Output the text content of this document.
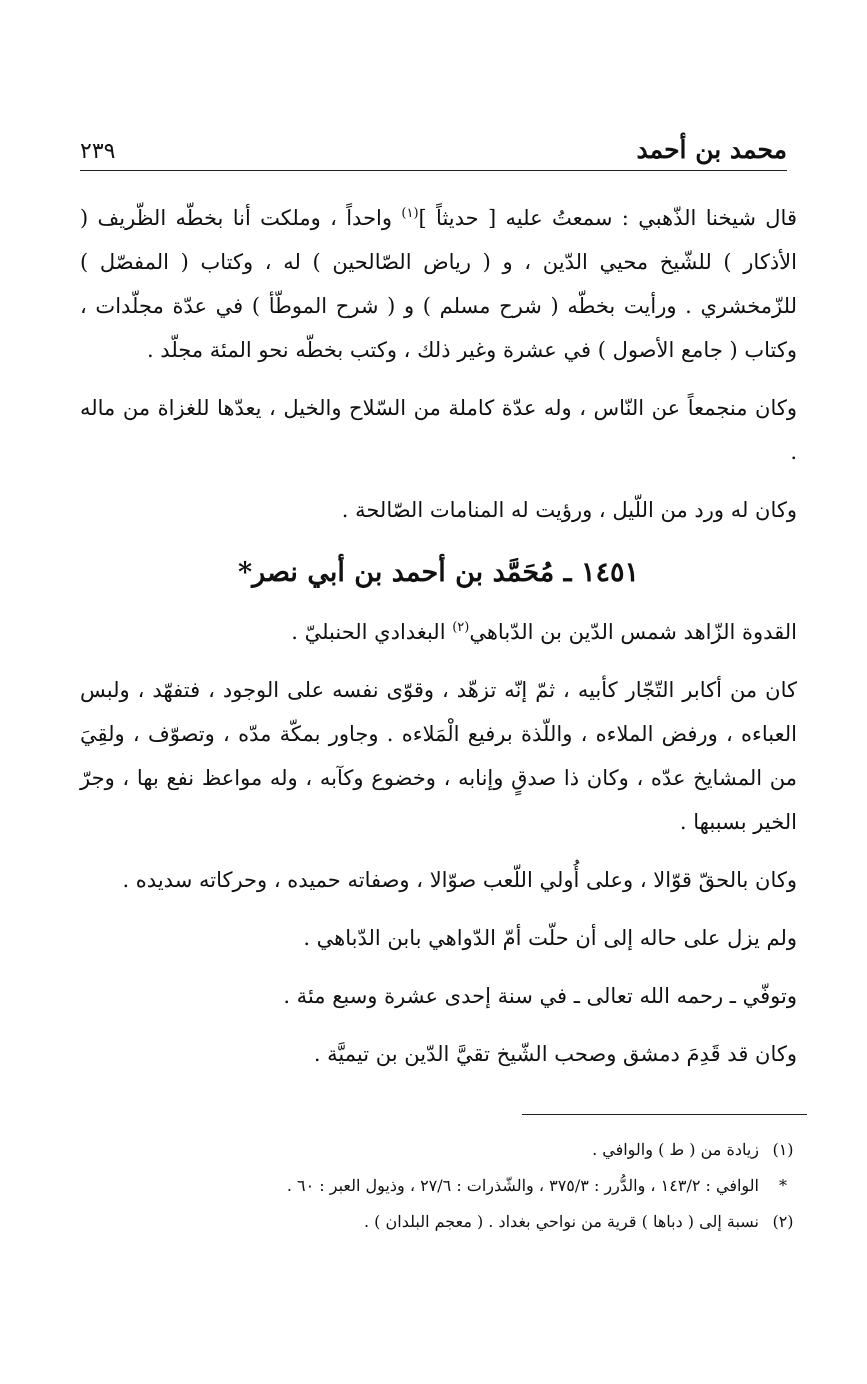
محمد بن أحمد
٢٣٩

قال شيخنا الذّهبي : سمعتُ عليه [ حديثاً ]$^{(١)}$ واحداً ، وملكت أنا بخطّه الظّريف ( الأذكار ) للشّيخ محيي الدّين ، و ( رياض الصّالحين ) له ، وكتاب ( المفصّل ) للزّمخشري . ورأيت بخطّه ( شرح مسلم ) و ( شرح الموطّأ ) في عدّة مجلّدات ، وكتاب ( جامع الأصول ) في عشرة وغير ذلك ، وكتب بخطّه نحو المئة مجلّد .

وكان منجمعاً عن النّاس ، وله عدّة كاملة من السّلاح والخيل ، يعدّها للغزاة من ماله .

وكان له ورد من اللّيل ، ورؤيت له المنامات الصّالحة .

١٤٥١ ـ مُحَمَّد بن أحمد بن أبي نصر*

القدوة الزّاهد شمس الدّين بن الدّباهي$^{(٢)}$ البغدادي الحنبليّ .

كان من أكابر التّجّار كأبيه ، ثمّ إنّه تزهّد ، وقوّى نفسه على الوجود ، فتفهّد ، ولبس العباءه ، ورفض الملاءه ، واللّذة برفيع الْمَلاءه . وجاور بمكّة مدّه ، وتصوّف ، ولقِيَ من المشايخ عدّه ، وكان ذا صدقٍ وإنابه ، وخضوع وكآبه ، وله مواعظ نفع بها ، وجرّ الخير بسببها .

وكان بالحقّ قوّالا ، وعلى أُولي اللّعب صوّالا ، وصفاته حميده ، وحركاته سديده .

ولم يزل على حاله إلى أن حلّت أمّ الدّواهي بابن الدّباهي .

وتوفّي ـ رحمه الله تعالى ـ في سنة إحدى عشرة وسبع مئة .

وكان قد قَدِمَ دمشق وصحب الشّيخ تقيَّ الدّين بن تيميَّة .

(١)
زيادة من ( ط ) والوافي .
*
الوافي : ١٤٣/٢ ، والدُّرر : ٣٧٥/٣ ، والشّذرات : ٢٧/٦ ، وذيول العبر : ٦٠ .
(٢)
نسبة إلى ( دباها ) قرية من نواحي بغداد . ( معجم البلدان ) .
